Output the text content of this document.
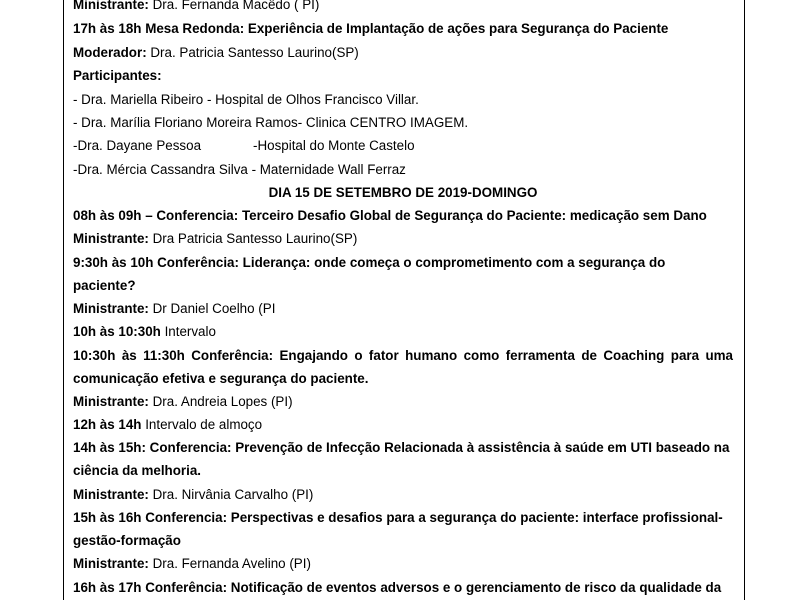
Ministrante: Dra. Fernanda Macêdo ( PI)
17h às 18h Mesa Redonda: Experiência de Implantação de ações para Segurança do Paciente
Moderador: Dra. Patricia Santesso Laurino(SP)
Participantes:
- Dra. Mariella Ribeiro - Hospital de Olhos Francisco Villar.
- Dra. Marília Floriano Moreira Ramos- Clinica CENTRO IMAGEM.
-Dra. Dayane Pessoa	-Hospital do Monte Castelo
-Dra. Mércia Cassandra Silva - Maternidade Wall Ferraz
DIA 15 DE SETEMBRO DE 2019-DOMINGO
08h às 09h – Conferencia: Terceiro Desafio Global de Segurança do Paciente: medicação sem Dano
Ministrante: Dra Patricia Santesso Laurino(SP)
9:30h às 10h Conferência: Liderança: onde começa o comprometimento com a segurança do
paciente?
Ministrante: Dr Daniel Coelho (PI
10h às 10:30h Intervalo
10:30h às 11:30h Conferência: Engajando o fator humano como ferramenta de Coaching para uma
comunicação efetiva e segurança do paciente.
Ministrante: Dra. Andreia Lopes (PI)
12h às 14h Intervalo de almoço
14h às 15h: Conferencia: Prevenção de Infecção Relacionada à assistência à saúde em UTI baseado na
ciência da melhoria.
Ministrante: Dra. Nirvânia Carvalho (PI)
15h às 16h Conferencia: Perspectivas e desafios para a segurança do paciente: interface profissional-
gestão-formação
Ministrante: Dra. Fernanda Avelino (PI)
16h às 17h Conferência: Notificação de eventos adversos e o gerenciamento de risco da qualidade da
